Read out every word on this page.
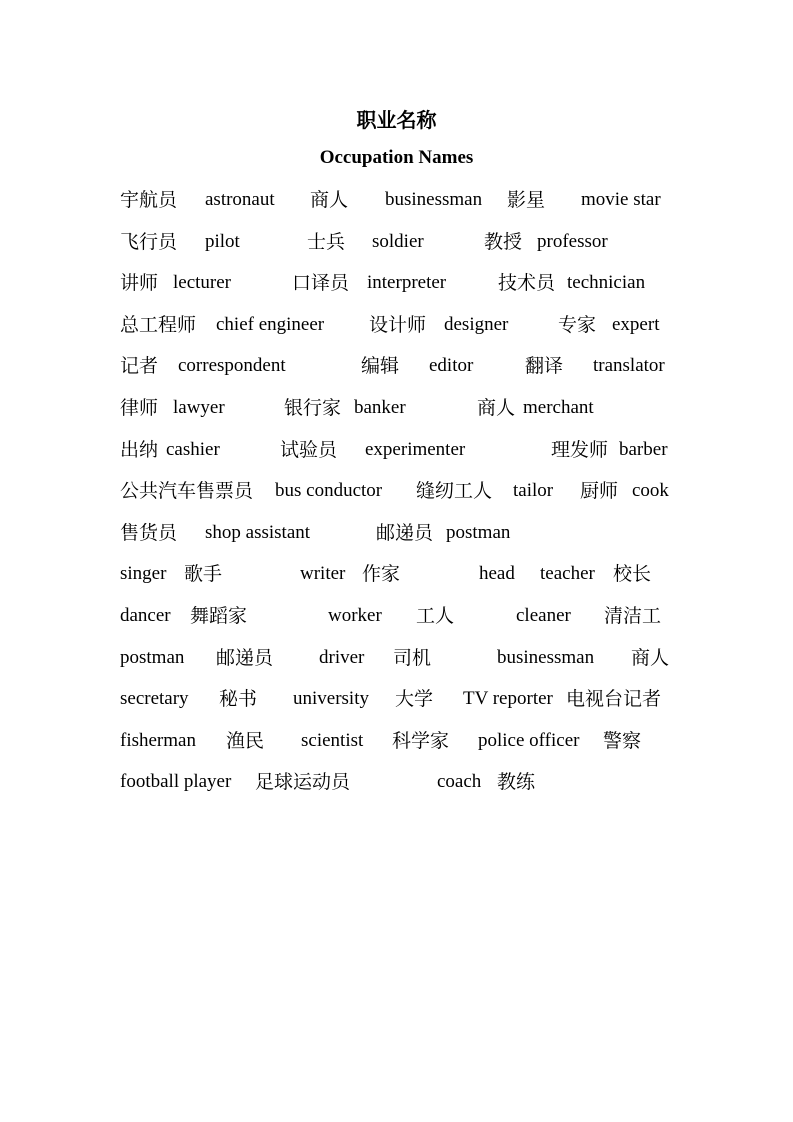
职业名称
Occupation Names
宇航员 astronaut 商人 businessman 影星 movie star
飞行员 pilot	士兵 soldier	教授 professor
讲师 lecturer	口译员 interpreter	技术员 technician
总工程师 chief engineer 设计师 designer	专家 expert
记者 correspondent	编辑 editor	翻译 translator
律师 lawyer	银行家 banker	商人 merchant
出纳 cashier	试验员 experimenter	理发师 barber
公共汽车售票员 bus conductor 缝纫工人 tailor 厨师 cook
售货员 shop assistant	邮递员 postman
singer 歌手	writer 作家	head teacher 校长
dancer 舞蹈家	worker 工人	cleaner 清洁工
postman 邮递员 driver 司机	businessman 商人
secretary 秘书 university 大学 TV reporter 电视台记者
fisherman 渔民 scientist 科学家 police officer 警察
football player 足球运动员	coach 教练
